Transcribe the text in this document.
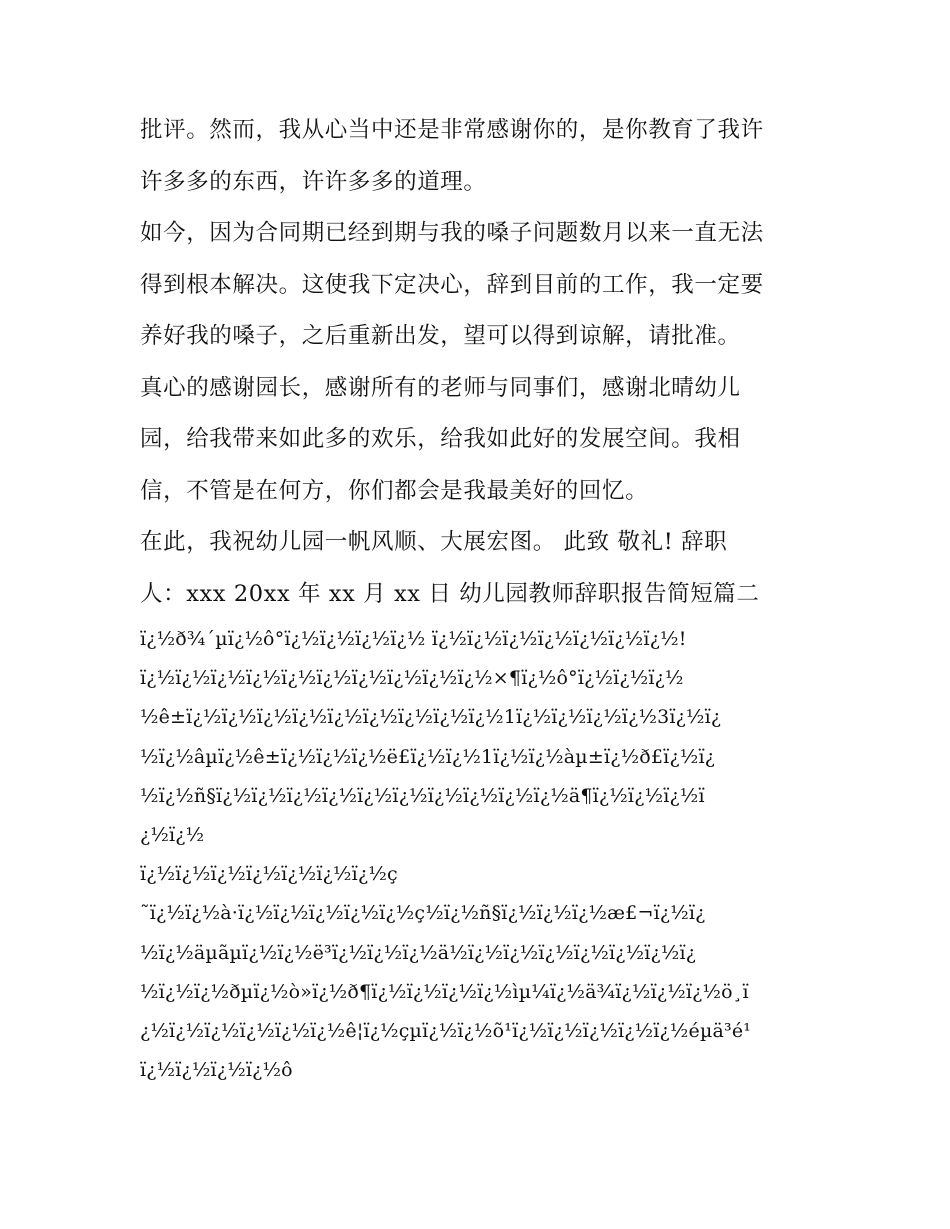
批评。然而，我从心当中还是非常感谢你的，是你教育了我许
许多多的东西，许许多多的道理。
如今，因为合同期已经到期与我的嗓子问题数月以来一直无法
得到根本解决。这使我下定决心，辞到目前的工作，我一定要
养好我的嗓子，之后重新出发，望可以得到谅解，请批准。
真心的感谢园长，感谢所有的老师与同事们，感谢北晴幼儿
园，给我带来如此多的欢乐，给我如此好的发展空间。我相
信，不管是在何方，你们都会是我最美好的回忆。
在此，我祝幼儿园一帆风顺、大展宏图。 此致 敬礼! 辞职
人：xxx 20xx 年 xx 月 xx 日 幼儿园教师辞职报告简短篇二
ï¿½ð¾´µï¿½ô°ï¿½ï¿½ï¿½ï¿½ ï¿½ï¿½ï¿½ï¿½ï¿½ï¿½ï¿½!
ï¿½ï¿½ï¿½ï¿½ï¿½ï¿½ï¿½ï¿½ï¿½ï¿½×¶ï¿½ô°ï¿½ï¿½ï¿½
½ê±ï¿½ï¿½ï¿½ï¿½ï¿½ï¿½ï¿½ï¿½ï¿½1ï¿½ï¿½ï¿½ï¿½3ï¿½ï¿
½ï¿½âµï¿½ê±ï¿½ï¿½ï¿½ë£ï¿½ï¿½1ï¿½ï¿½àµ±ï¿½ð£ï¿½ï¿
½ï¿½ñ§ï¿½ï¿½ï¿½ï¿½ï¿½ï¿½ï¿½ï¿½ï¿½ï¿½ä¶ï¿½ï¿½ï¿½ï
¿½ï¿½
ï¿½ï¿½ï¿½ï¿½ï¿½ï¿½ï¿½ç
˜ï¿½ï¿½à·ï¿½ï¿½ï¿½ï¿½ï¿½ç½ï¿½ñ§ï¿½ï¿½ï¿½æ£¬ï¿½ï¿
½ï¿½äµãµï¿½ï¿½ë³ï¿½ï¿½ï¿½ä½ï¿½ï¿½ï¿½ï¿½ï¿½ï¿½ï¿
½ï¿½ï¿½ðµï¿½ò»ï¿½ð¶ï¿½ï¿½ï¿½ï¿½ìµ¼ï¿½ä¾ï¿½ï¿½ï¿½ö¸ï
¿½ï¿½ï¿½ï¿½ï¿½ï¿½ê¦ï¿½çµï¿½ï¿½õ¹ï¿½ï¿½ï¿½ï¿½ï¿½éµä³é¹
ï¿½ï¿½ï¿½ï¿½ô
